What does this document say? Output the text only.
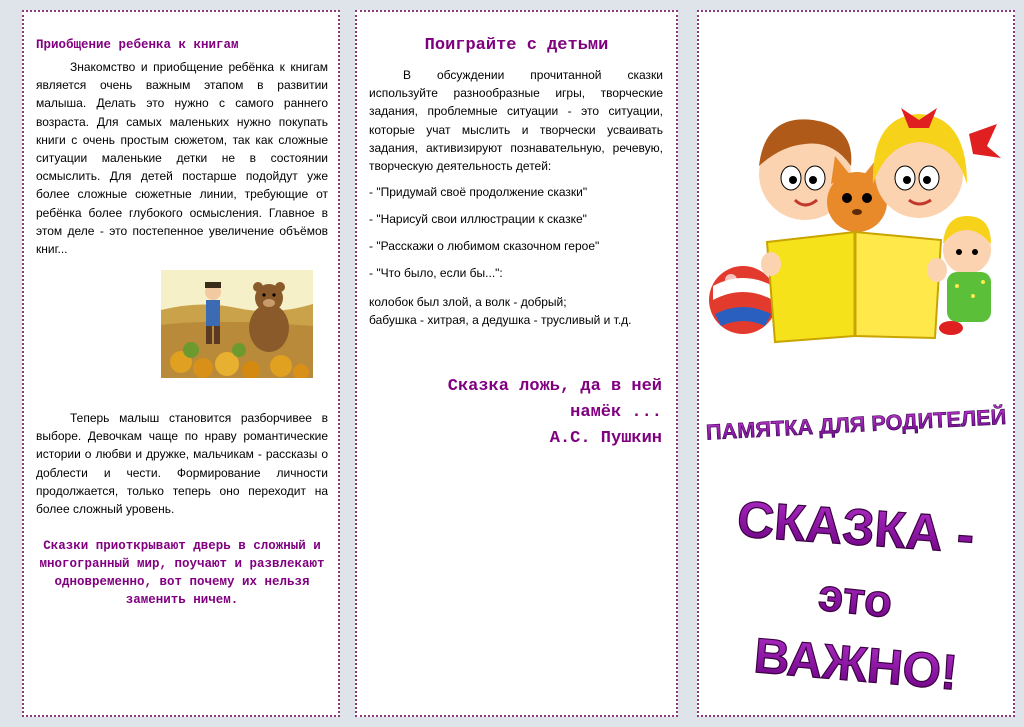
Приобщение ребенка к книгам
Знакомство и приобщение ребёнка к книгам является очень важным этапом в развитии малыша. Делать это нужно с самого раннего возраста. Для самых маленьких нужно покупать книги с очень простым сюжетом, так как сложные ситуации маленькие детки не в состоянии осмыслить. Для детей постарше подойдут уже более сложные сюжетные линии, требующие от ребёнка более глубокого осмысления. Главное в этом деле - это постепенное увеличение объёмов книг...
Теперь малыш становится разборчивее в выборе. Девочкам чаще по нраву романтические истории о любви и дружке, мальчикам - рассказы о доблести и чести. Формирование личности продолжается, только теперь оно переходит на более сложный уровень.
Сказки приоткрывают дверь в сложный и многогранный мир, поучают и развлекают одновременно, вот почему их нельзя заменить ничем.
Поиграйте с детьми
В обсуждении прочитанной сказки используйте разнообразные игры, творческие задания, проблемные ситуации - это ситуации, которые учат мыслить и творчески усваивать задания, активизируют познавательную, речевую, творческую деятельность детей:
- "Придумай своё продолжение сказки"
- "Нарисуй свои иллюстрации к сказке"
- "Расскажи о любимом сказочном герое"
- "Что было, если бы...":
колобок был злой, а волк - добрый;
бабушка - хитрая, а дедушка - трусливый и т.д.
Сказка ложь, да в ней
намёк ...
А.С. Пушкин ПАМЯТКА ДЛЯ РОДИТЕЛЕЙ
СКАЗКА -
это
ВАЖНО!
